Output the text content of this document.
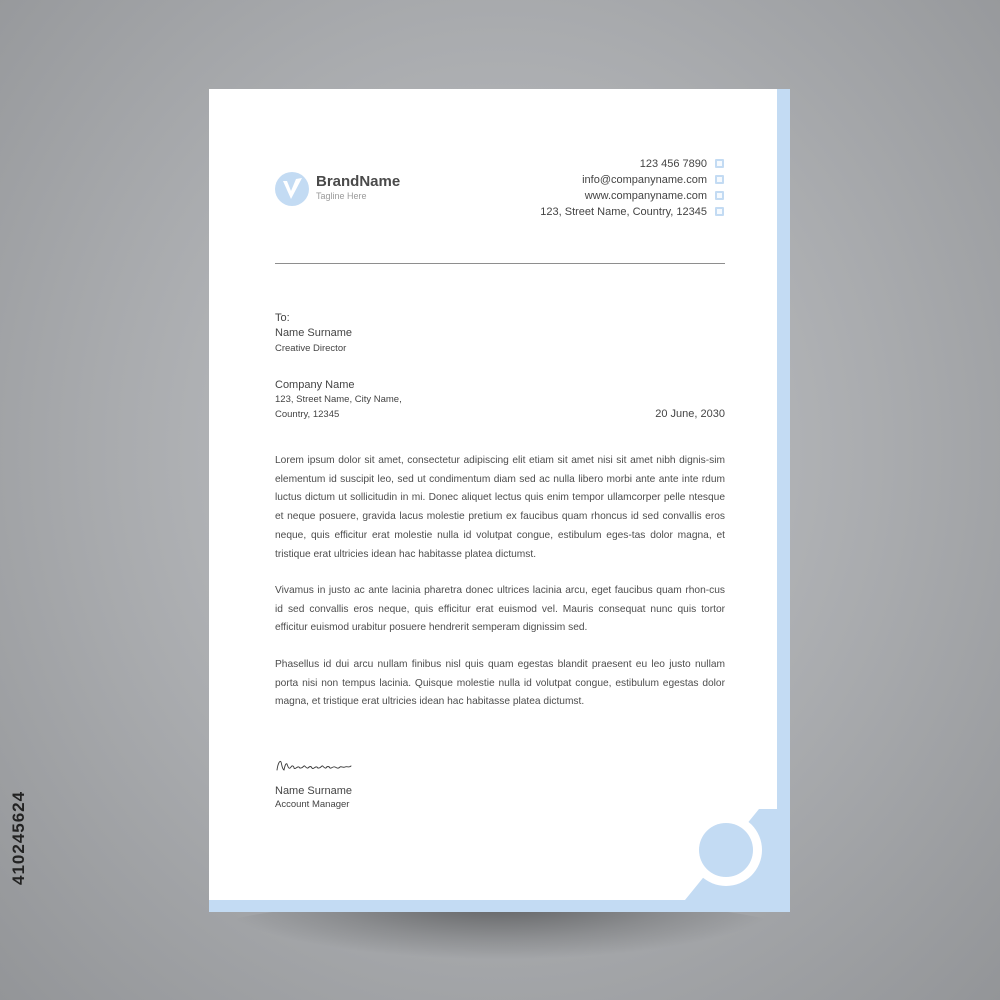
BrandName
Tagline Here
123 456 7890
info@companyname.com
www.companyname.com
123, Street Name, Country, 12345
To:
Name Surname
Creative Director
Company Name
123, Street Name, City Name,
Country, 12345	20 June, 2030
Lorem ipsum dolor sit amet, consectetur adipiscing elit etiam sit amet nisi sit amet nibh dignis-sim elementum id suscipit leo, sed ut condimentum diam sed ac nulla libero morbi ante ante inte rdum luctus dictum ut sollicitudin in mi. Donec aliquet lectus quis enim tempor ullamcorper pelle ntesque et neque posuere, gravida lacus molestie pretium ex faucibus quam rhoncus id sed convallis eros neque, quis efficitur erat molestie nulla id volutpat congue, estibulum eges-tas dolor magna, et tristique erat ultricies idean hac habitasse platea dictumst.
Vivamus in justo ac ante lacinia pharetra donec ultrices lacinia arcu, eget faucibus quam rhon-cus id sed convallis eros neque, quis efficitur erat euismod vel. Mauris consequat nunc quis tortor efficitur euismod urabitur posuere hendrerit semperam dignissim sed.
Phasellus id dui arcu nullam finibus nisl quis quam egestas blandit praesent eu leo justo nullam porta nisi non tempus lacinia. Quisque molestie nulla id volutpat congue, estibulum egestas dolor magna, et tristique erat ultricies idean hac habitasse platea dictumst.
Name Surname
Account Manager
410245624
